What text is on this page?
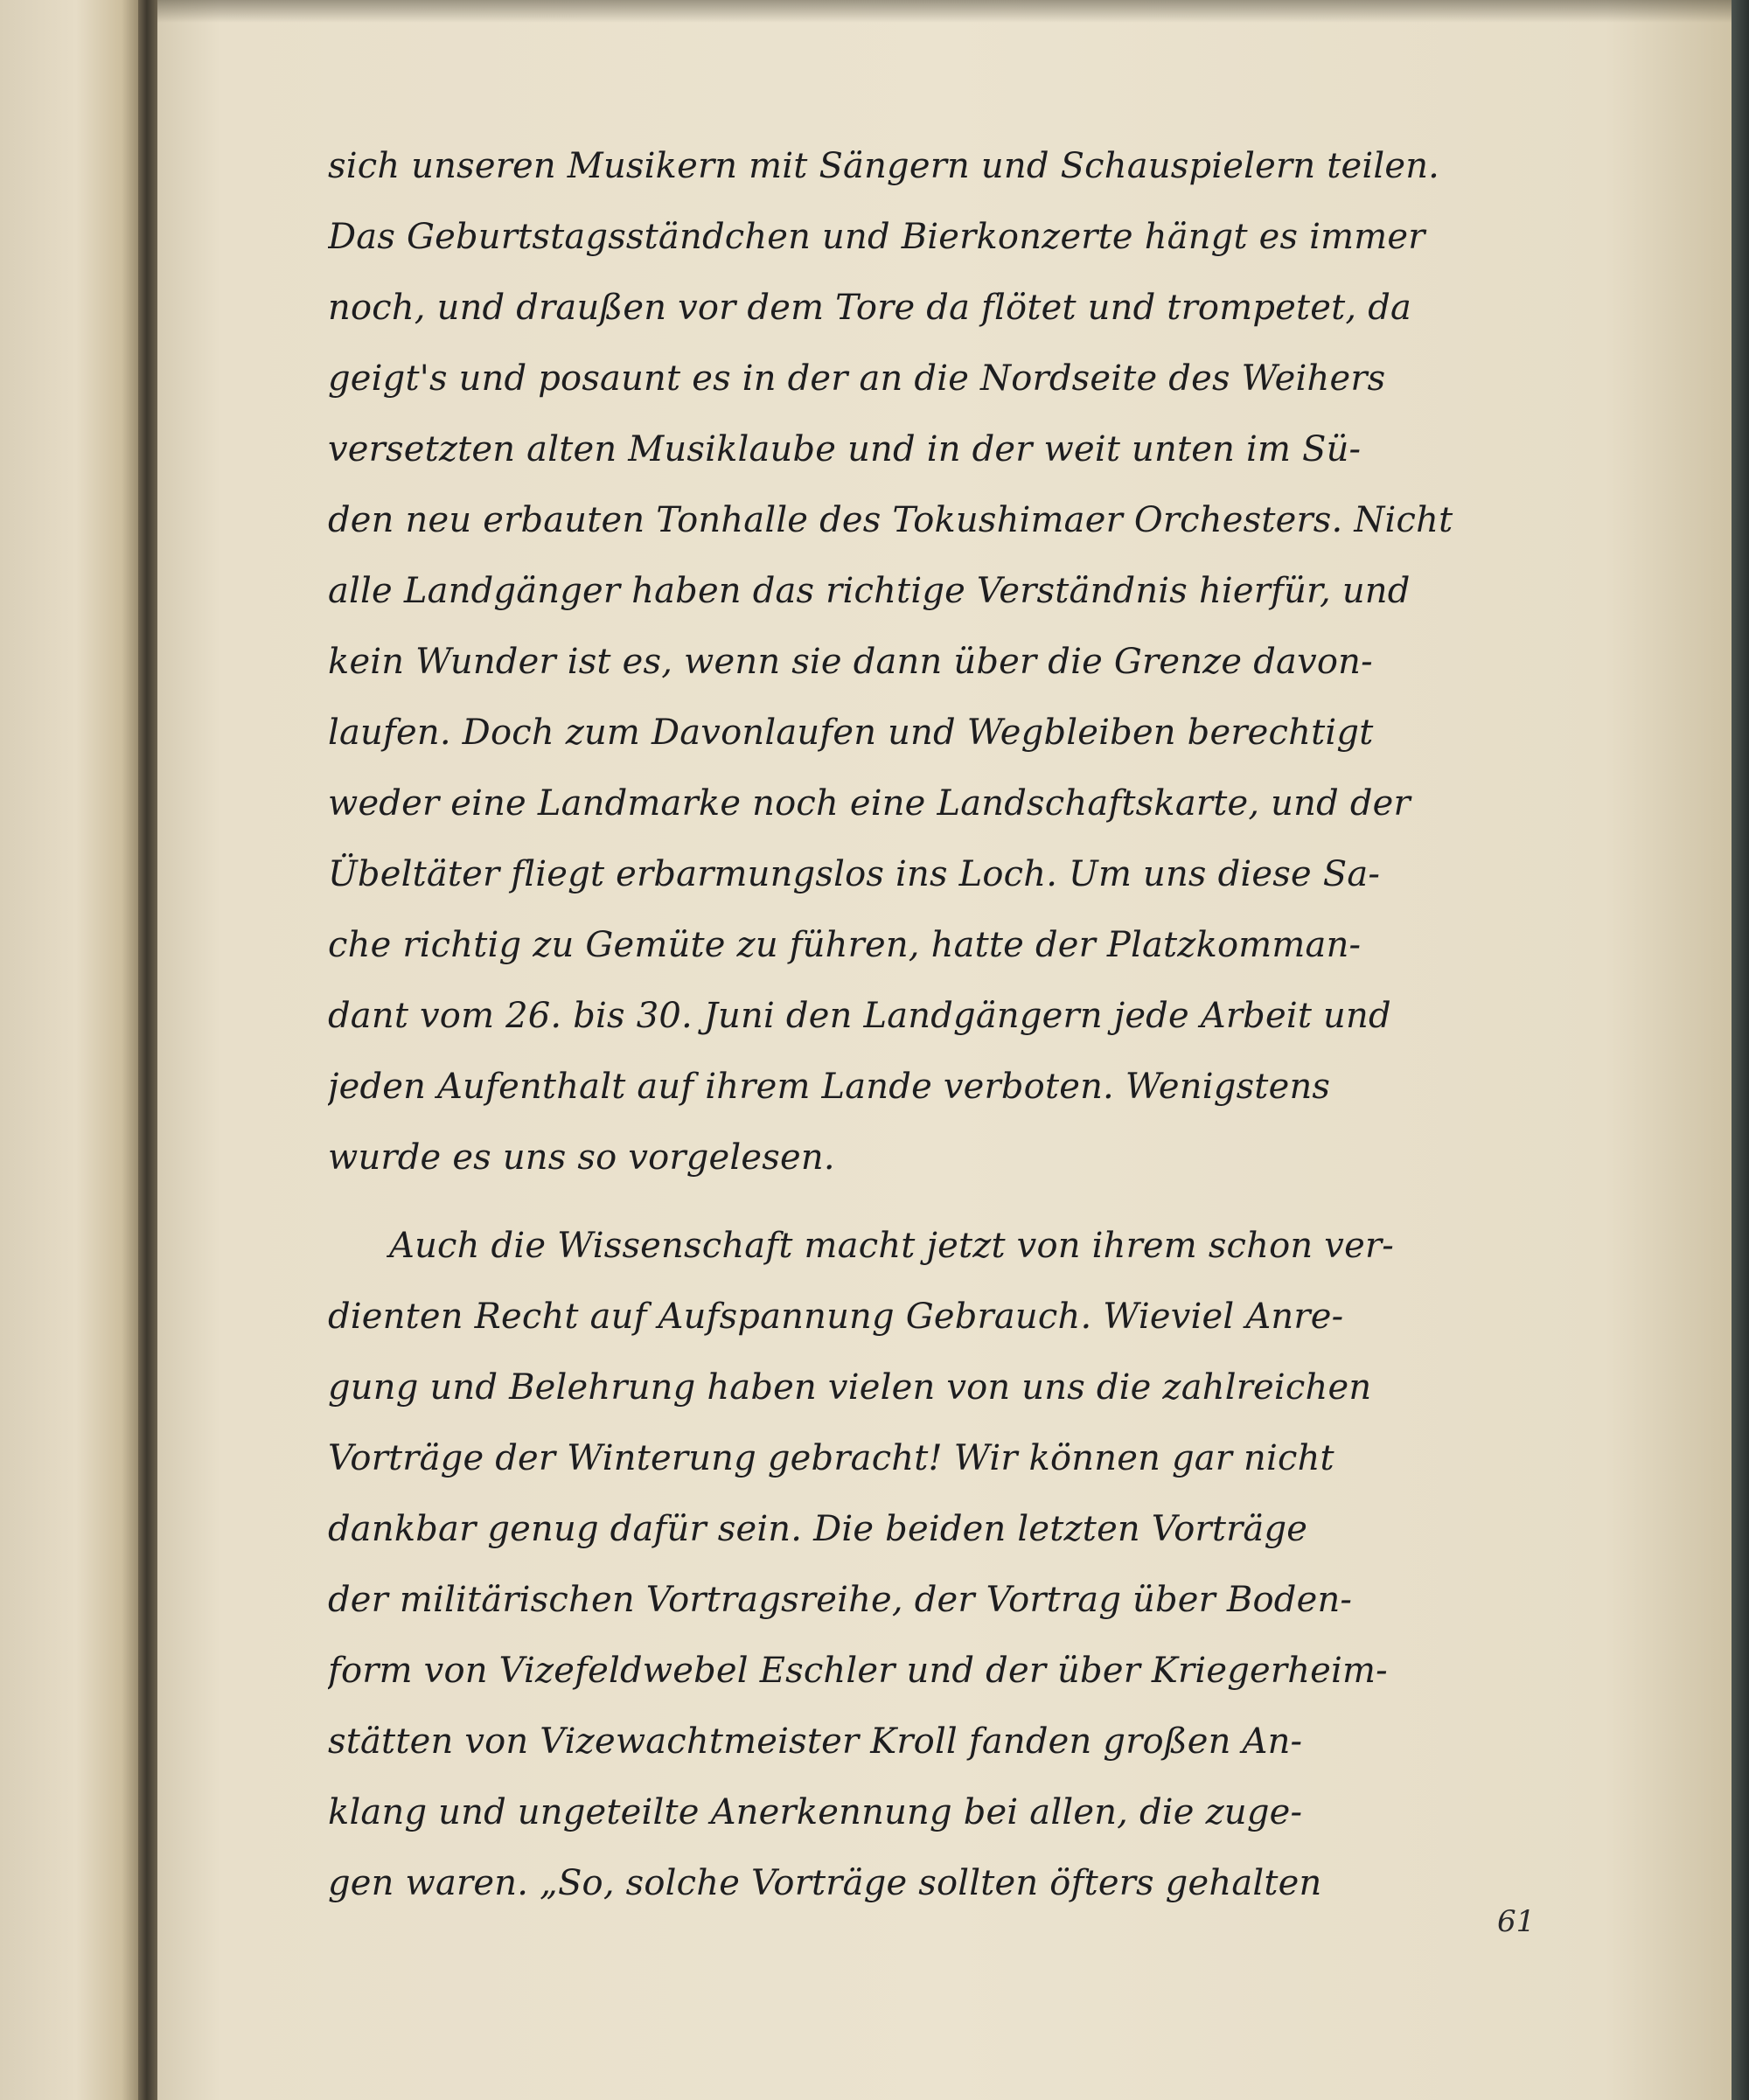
sich unseren Musikern mit Sängern und Schauspielern teilen.
Das Geburtstagsständchen und Bierkonzerte hängt es immer
noch, und draußen vor dem Tore da flötet und trompetet, da
geigt's und posaunt es in der an die Nordseite des Weihers
versetzten alten Musiklaube und in der weit unten im Sü-
den neu erbauten Tonhalle des Tokushimaer Orchesters. Nicht
alle Landgänger haben das richtige Verständnis hierfür, und
kein Wunder ist es, wenn sie dann über die Grenze davon-
laufen. Doch zum Davonlaufen und Wegbleiben berechtigt
weder eine Landmarke noch eine Landschaftskarte, und der
Übeltäter fliegt erbarmungslos ins Loch. Um uns diese Sa-
che richtig zu Gemüte zu führen, hatte der Platzkomman-
dant vom 26. bis 30. Juni den Landgängern jede Arbeit und
jeden Aufenthalt auf ihrem Lande verboten. Wenigstens
wurde es uns so vorgelesen.
Auch die Wissenschaft macht jetzt von ihrem schon ver-
dienten Recht auf Aufspannung Gebrauch. Wieviel Anre-
gung und Belehrung haben vielen von uns die zahlreichen
Vorträge der Winterung gebracht! Wir können gar nicht
dankbar genug dafür sein. Die beiden letzten Vorträge
der militärischen Vortragsreihe, der Vortrag über Boden-
form von Vizefeldwebel Eschler und der über Kriegerheim-
stätten von Vizewachtmeister Kroll fanden großen An-
klang und ungeteilte Anerkennung bei allen, die zuge-
gen waren. „So, solche Vorträge sollten öfters gehalten
61
